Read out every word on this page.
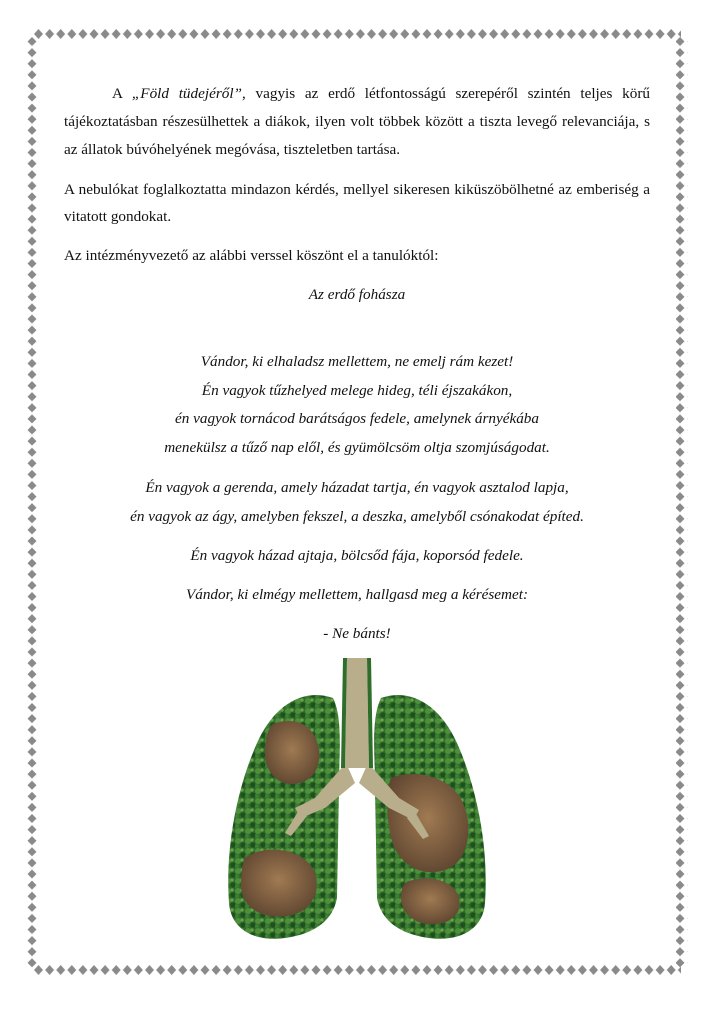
A „Föld tüdejéről”, vagyis az erdő létfontosságú szerepéről szintén teljes körű tájékoztatásban részesülhettek a diákok, ilyen volt többek között a tiszta levegő relevanciája, s az állatok búvóhelyének megóvása, tiszteletben tartása.

A nebulókat foglalkoztatta mindazon kérdés, mellyel sikeresen kiküszöbölhetné az emberiség a vitatott gondokat.

Az intézményvezető az alábbi verssel köszönt el a tanulóktól:

Az erdő fohásza
Vándor, ki elhaladsz mellettem, ne emelj rám kezet!
Én vagyok tűzhelyed melege hideg, téli éjszakákon,
én vagyok tornácod barátságos fedele, amelynek árnyékába
menekülsz a tűző nap elől, és gyümölcsöm oltja szomjúságodat.
Én vagyok a gerenda, amely házadat tartja, én vagyok asztalod lapja,
én vagyok az ágy, amelyben fekszel, a deszka, amelyből csónakodat építed.
Én vagyok házad ajtaja, bölcsőd fája, koporsód fedele.
Vándor, ki elmégy mellettem, hallgasd meg a kérésemet:
- Ne bánts!
